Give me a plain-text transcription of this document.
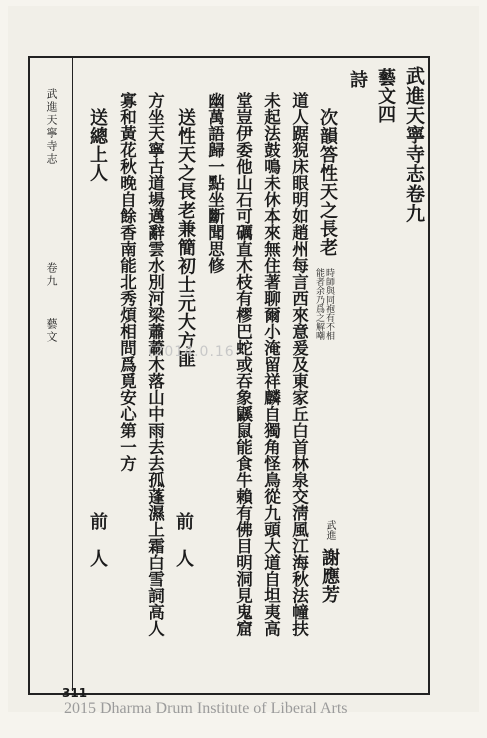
武進天寧寺志
卷九
藝文
武進天寧寺志卷九
藝文四
詩
次韻答性天之長老
時師與同袍有不相
能者余乃爲之解嘲
武進
謝應芳
道人踞猊床眼明如趙州每言西來意爰及東家丘白首林泉交淸風江海秋法幢扶
未起法鼓鳴未休本來無住著聊爾小淹留祥麟自獨角怪鳥從九頭大道自坦夷高
堂豈伊委他山石可礪直木枝有樛巴蛇或吞象鼷鼠能食牛賴有佛目明洞見鬼窟
幽萬語歸一點坐斷聞思修
送性天之長老兼簡初士元大方匪
前　人
方坐天寧古道場邁辭雲水別河梁蕭蕭木落山中雨去去孤蓬濕上霜白雪詞高人
寡和黃花秋晚自餘香南能北秀煩相問爲覓安心第一方
送總上人
前　人
(2014.0.16
311
2015 Dharma Drum Institute of Liberal Arts
